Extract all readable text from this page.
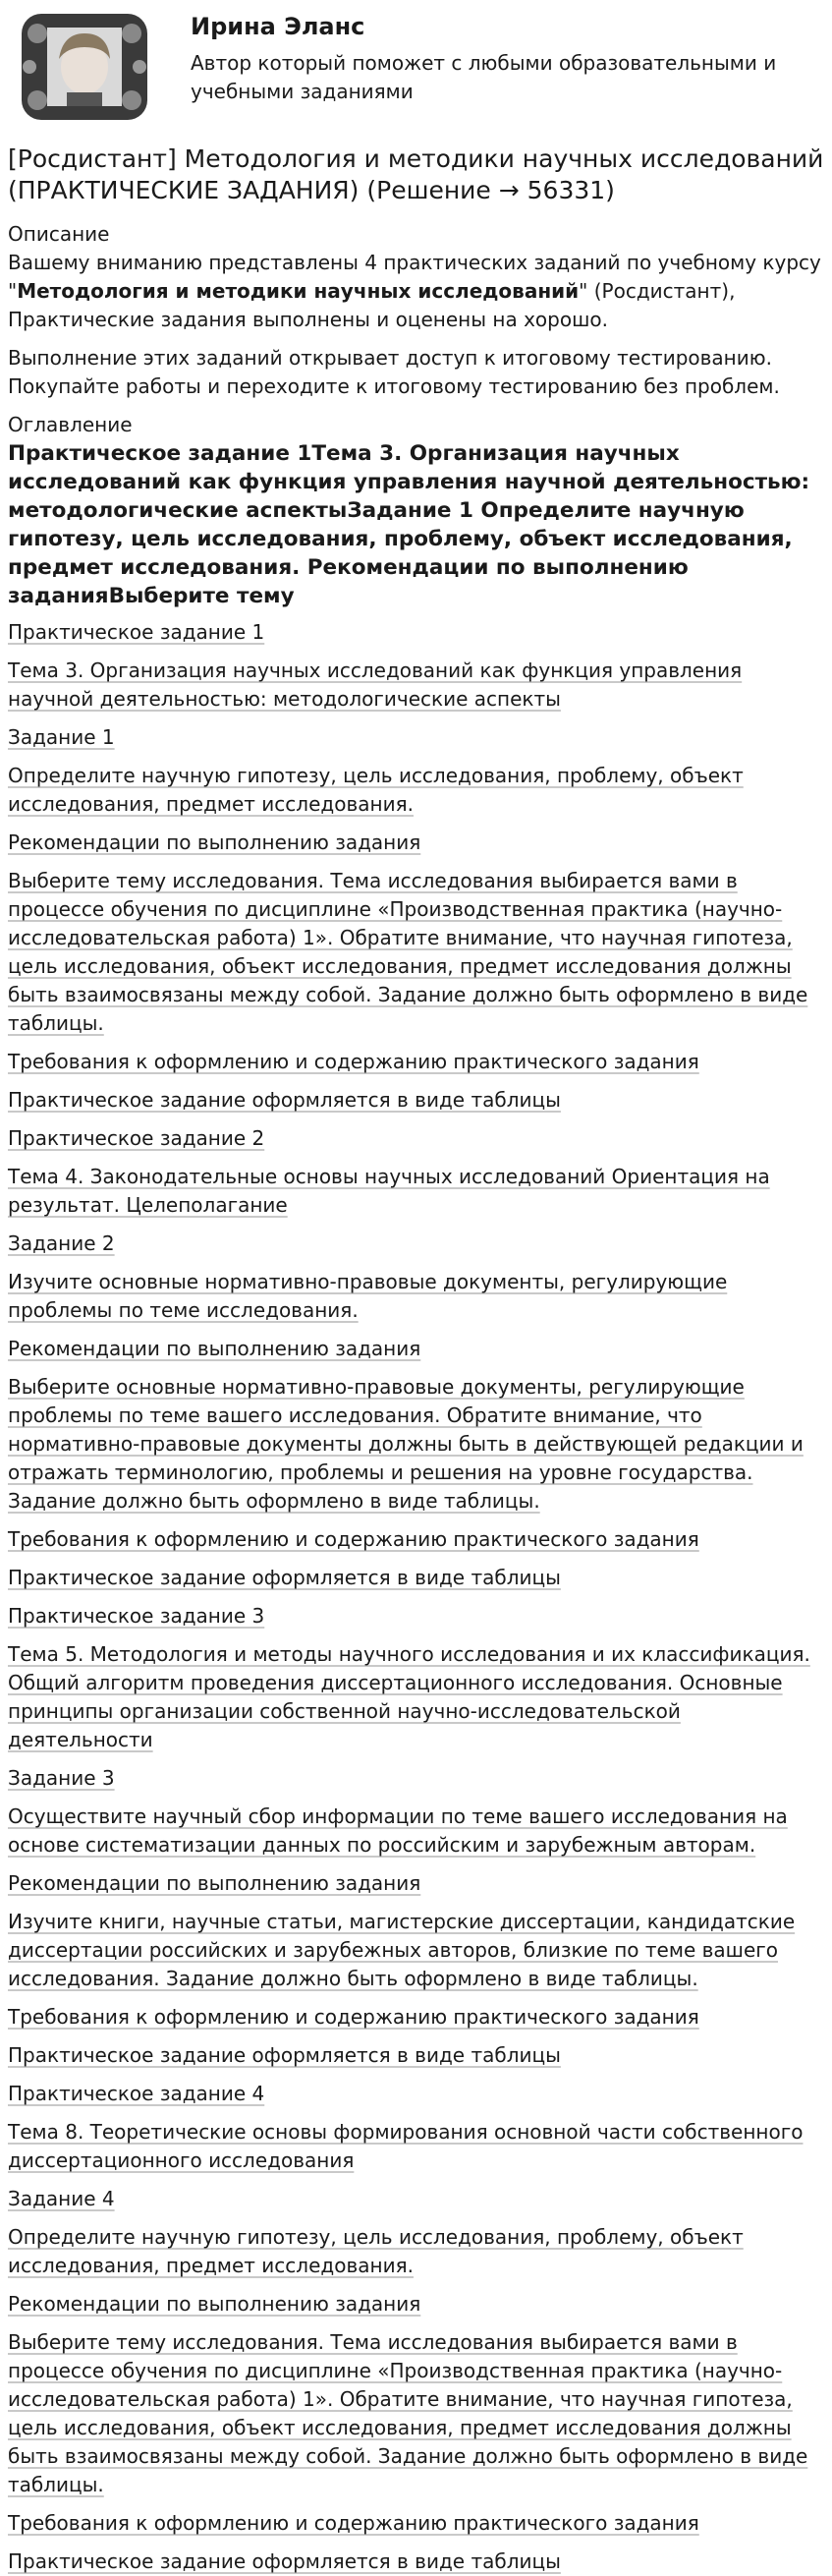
Ирина Эланс
Автор который поможет с любыми образовательными и учебными заданиями
[Росдистант] Методология и методики научных исследований (ПРАКТИЧЕСКИЕ ЗАДАНИЯ) (Решение → 56331)
Описание

Вашему вниманию представлены 4 практических заданий по учебному курсу "Методология и методики научных исследований" (Росдистант), Практические задания выполнены и оценены на хорошо.

Выполнение этих заданий открывает доступ к итоговому тестированию. Покупайте работы и переходите к итоговому тестированию без проблем.

Оглавление
Практическое задание 1Тема 3. Организация научных исследований как функция управления научной деятельностью: методологические аспектыЗадание 1 Определите научную гипотезу, цель исследования, проблему, объект исследования, предмет исследования. Рекомендации по выполнению заданияВыберите тему
Практическое задание 1
Тема 3. Организация научных исследований как функция управления научной деятельностью: методологические аспекты
Задание 1
Определите научную гипотезу, цель исследования, проблему, объект исследования, предмет исследования.
Рекомендации по выполнению задания
Выберите тему исследования. Тема исследования выбирается вами в процессе обучения по дисциплине «Производственная практика (научно-исследовательская работа) 1». Обратите внимание, что научная гипотеза, цель исследования, объект исследования, предмет исследования должны быть взаимосвязаны между собой. Задание должно быть оформлено в виде таблицы.
Требования к оформлению и содержанию практического задания
Практическое задание оформляется в виде таблицы
Практическое задание 2
Тема 4. Законодательные основы научных исследований Ориентация на результат. Целеполагание
Задание 2
Изучите основные нормативно-правовые документы, регулирующие проблемы по теме исследования.
Рекомендации по выполнению задания
Выберите основные нормативно-правовые документы, регулирующие проблемы по теме вашего исследования. Обратите внимание, что нормативно-правовые документы должны быть в действующей редакции и отражать терминологию, проблемы и решения на уровне государства. Задание должно быть оформлено в виде таблицы.
Требования к оформлению и содержанию практического задания
Практическое задание оформляется в виде таблицы
Практическое задание 3
Тема 5. Методология и методы научного исследования и их классификация. Общий алгоритм проведения диссертационного исследования. Основные принципы организации собственной научно-исследовательской деятельности
Задание 3
Осуществите научный сбор информации по теме вашего исследования на основе систематизации данных по российским и зарубежным авторам.
Рекомендации по выполнению задания
Изучите книги, научные статьи, магистерские диссертации, кандидатские диссертации российских и зарубежных авторов, близкие по теме вашего исследования. Задание должно быть оформлено в виде таблицы.
Требования к оформлению и содержанию практического задания
Практическое задание оформляется в виде таблицы
Практическое задание 4
Тема 8. Теоретические основы формирования основной части собственного диссертационного исследования
Задание 4
Определите научную гипотезу, цель исследования, проблему, объект исследования, предмет исследования.
Рекомендации по выполнению задания
Выберите тему исследования. Тема исследования выбирается вами в процессе обучения по дисциплине «Производственная практика (научно-исследовательская работа) 1». Обратите внимание, что научная гипотеза, цель исследования, объект исследования, предмет исследования должны быть взаимосвязаны между собой. Задание должно быть оформлено в виде таблицы.
Требования к оформлению и содержанию практического задания
Практическое задание оформляется в виде таблицы
